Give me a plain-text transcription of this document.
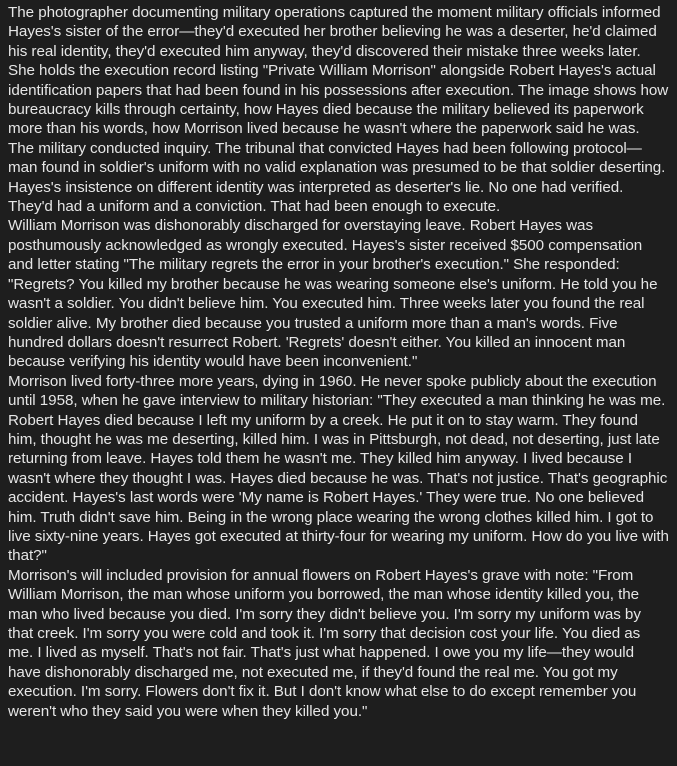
The photographer documenting military operations captured the moment military officials informed Hayes's sister of the error—they'd executed her brother believing he was a deserter, he'd claimed his real identity, they'd executed him anyway, they'd discovered their mistake three weeks later. She holds the execution record listing "Private William Morrison" alongside Robert Hayes's actual identification papers that had been found in his possessions after execution. The image shows how bureaucracy kills through certainty, how Hayes died because the military believed its paperwork more than his words, how Morrison lived because he wasn't where the paperwork said he was.

The military conducted inquiry. The tribunal that convicted Hayes had been following protocol—man found in soldier's uniform with no valid explanation was presumed to be that soldier deserting. Hayes's insistence on different identity was interpreted as deserter's lie. No one had verified. They'd had a uniform and a conviction. That had been enough to execute.

William Morrison was dishonorably discharged for overstaying leave. Robert Hayes was posthumously acknowledged as wrongly executed. Hayes's sister received $500 compensation and letter stating "The military regrets the error in your brother's execution." She responded: "Regrets? You killed my brother because he was wearing someone else's uniform. He told you he wasn't a soldier. You didn't believe him. You executed him. Three weeks later you found the real soldier alive. My brother died because you trusted a uniform more than a man's words. Five hundred dollars doesn't resurrect Robert. 'Regrets' doesn't either. You killed an innocent man because verifying his identity would have been inconvenient."

Morrison lived forty-three more years, dying in 1960. He never spoke publicly about the execution until 1958, when he gave interview to military historian: "They executed a man thinking he was me. Robert Hayes died because I left my uniform by a creek. He put it on to stay warm. They found him, thought he was me deserting, killed him. I was in Pittsburgh, not dead, not deserting, just late returning from leave. Hayes told them he wasn't me. They killed him anyway. I lived because I wasn't where they thought I was. Hayes died because he was. That's not justice. That's geographic accident. Hayes's last words were 'My name is Robert Hayes.' They were true. No one believed him. Truth didn't save him. Being in the wrong place wearing the wrong clothes killed him. I got to live sixty-nine years. Hayes got executed at thirty-four for wearing my uniform. How do you live with that?"

Morrison's will included provision for annual flowers on Robert Hayes's grave with note: "From William Morrison, the man whose uniform you borrowed, the man whose identity killed you, the man who lived because you died. I'm sorry they didn't believe you. I'm sorry my uniform was by that creek. I'm sorry you were cold and took it. I'm sorry that decision cost your life. You died as me. I lived as myself. That's not fair. That's just what happened. I owe you my life—they would have dishonorably discharged me, not executed me, if they'd found the real me. You got my execution. I'm sorry. Flowers don't fix it. But I don't know what else to do except remember you weren't who they said you were when they killed you."
